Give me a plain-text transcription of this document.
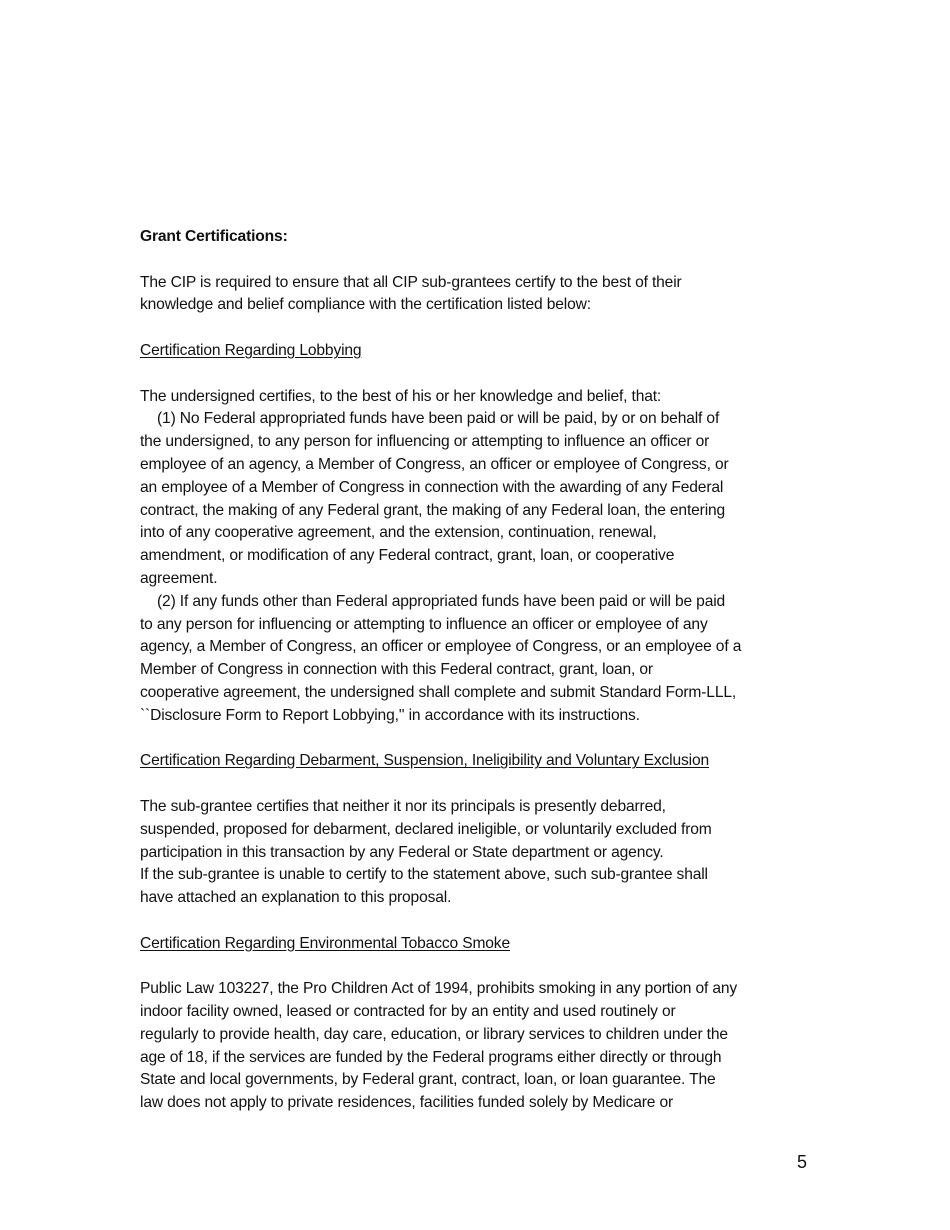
Grant Certifications:
The CIP is required to ensure that all CIP sub-grantees certify to the best of their
knowledge and belief compliance with the certification listed below:
Certification Regarding Lobbying
The undersigned certifies, to the best of his or her knowledge and belief, that:
(1) No Federal appropriated funds have been paid or will be paid, by or on behalf of
the undersigned, to any person for influencing or attempting to influence an officer or
employee of an agency, a Member of Congress, an officer or employee of Congress, or
an employee of a Member of Congress in connection with the awarding of any Federal
contract, the making of any Federal grant, the making of any Federal loan, the entering
into of any cooperative agreement, and the extension, continuation, renewal,
amendment, or modification of any Federal contract, grant, loan, or cooperative
agreement.
(2) If any funds other than Federal appropriated funds have been paid or will be paid
to any person for influencing or attempting to influence an officer or employee of any
agency, a Member of Congress, an officer or employee of Congress, or an employee of a
Member of Congress in connection with this Federal contract, grant, loan, or
cooperative agreement, the undersigned shall complete and submit Standard Form-LLL,
``Disclosure Form to Report Lobbying,'' in accordance with its instructions.
Certification Regarding Debarment, Suspension, Ineligibility and Voluntary Exclusion
The sub-grantee certifies that neither it nor its principals is presently debarred,
suspended, proposed for debarment, declared ineligible, or voluntarily excluded from
participation in this transaction by any Federal or State department or agency.
If the sub-grantee is unable to certify to the statement above, such sub-grantee shall
have attached an explanation to this proposal.
Certification Regarding Environmental Tobacco Smoke
Public Law 103227, the Pro Children Act of 1994, prohibits smoking in any portion of any
indoor facility owned, leased or contracted for by an entity and used routinely or
regularly to provide health, day care, education, or library services to children under the
age of 18, if the services are funded by the Federal programs either directly or through
State and local governments, by Federal grant, contract, loan, or loan guarantee. The
law does not apply to private residences, facilities funded solely by Medicare or
5
